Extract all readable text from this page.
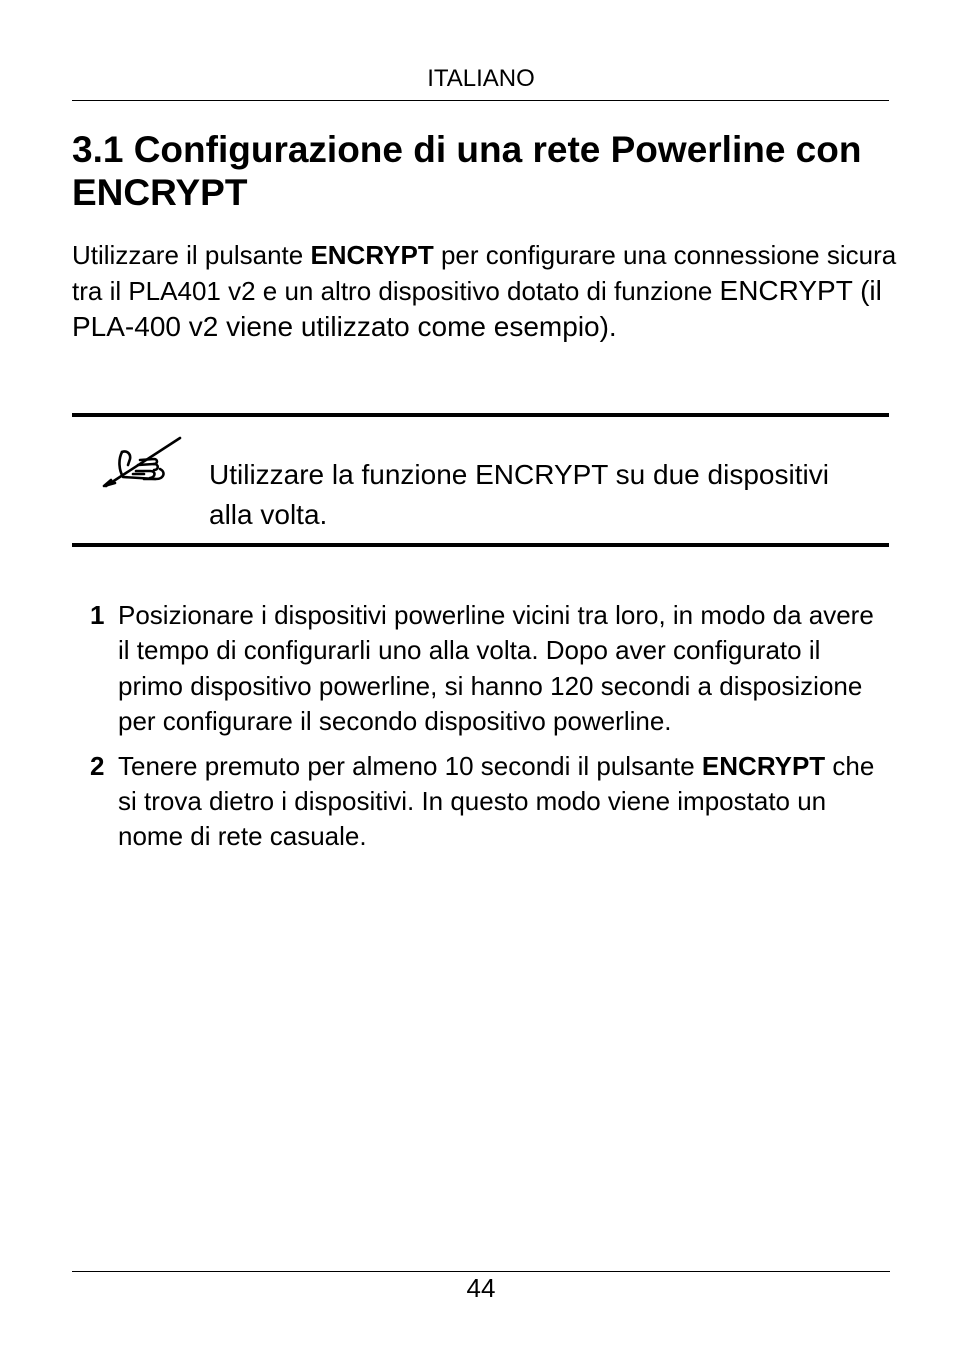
ITALIANO
3.1 Configurazione di una rete Powerline con ENCRYPT

Utilizzare il pulsante ENCRYPT per configurare una connessione sicura tra il PLA401 v2 e un altro dispositivo dotato di funzione ENCRYPT (il PLA-400 v2 viene utilizzato come esempio).

Utilizzare la funzione ENCRYPT su due dispositivi alla volta.

1 Posizionare i dispositivi powerline vicini tra loro, in modo da avere il tempo di configurarli uno alla volta. Dopo aver configurato il primo dispositivo powerline, si hanno 120 secondi a disposizione per configurare il secondo dispositivo powerline.
2 Tenere premuto per almeno 10 secondi il pulsante ENCRYPT che si trova dietro i dispositivi. In questo modo viene impostato un nome di rete casuale.
44
